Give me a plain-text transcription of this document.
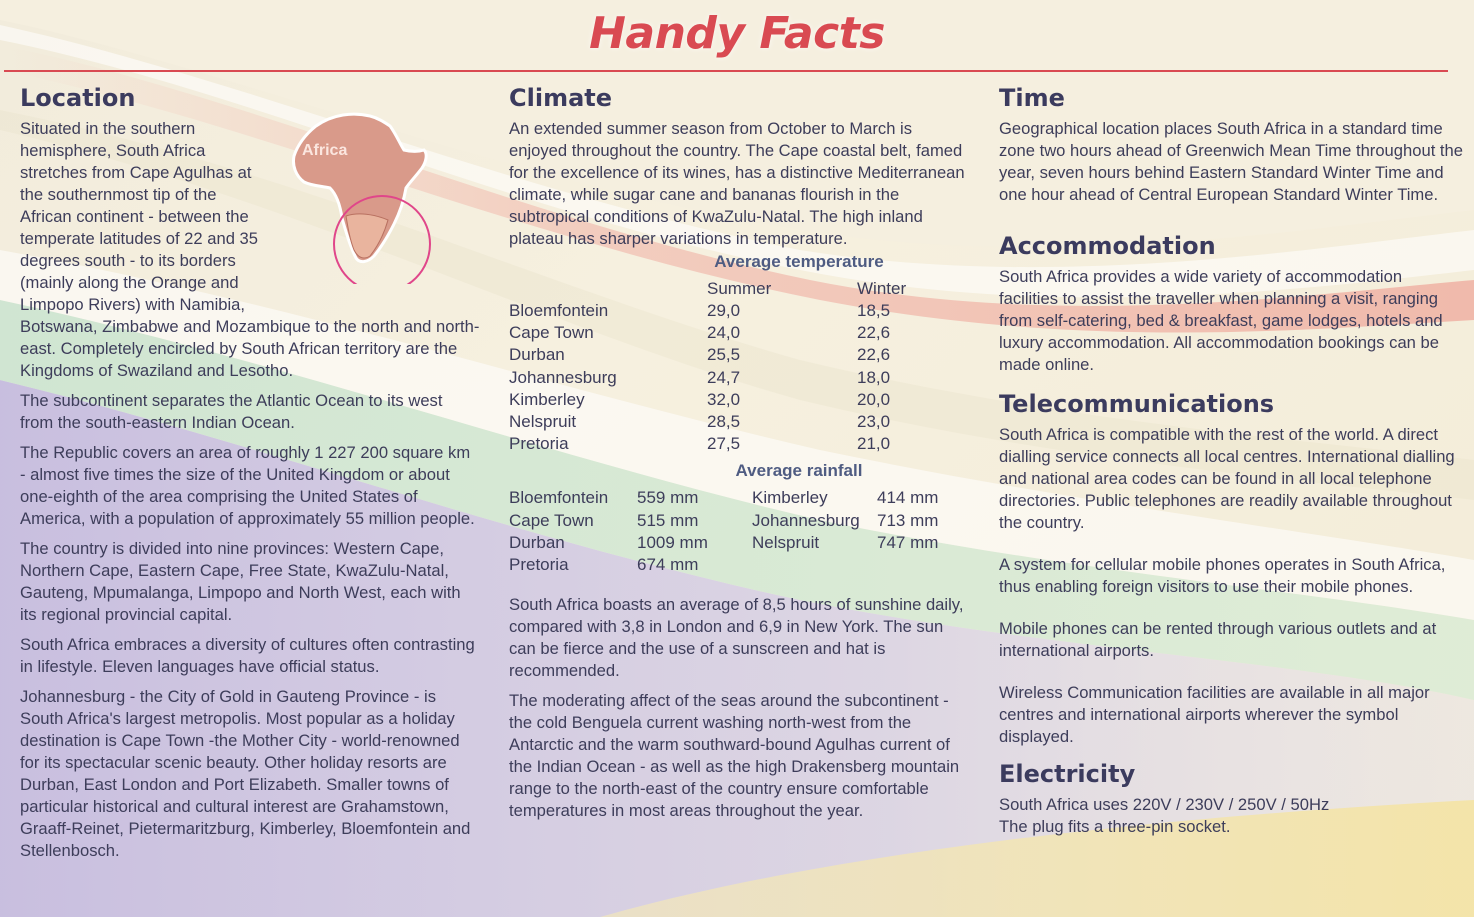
Handy Facts
Location

Situated in the southern hemisphere, South Africa stretches from Cape Agulhas at the southernmost tip of the African continent - between the temperate latitudes of 22 and 35 degrees south - to its borders (mainly along the Orange and Limpopo Rivers) with Namibia, Botswana, Zimbabwe and Mozambique to the north and north-east. Completely encircled by South African territory are the Kingdoms of Swaziland and Lesotho.

The subcontinent separates the Atlantic Ocean to its west from the south-eastern Indian Ocean.

The Republic covers an area of roughly 1 227 200 square km - almost five times the size of the United Kingdom or about one-eighth of the area comprising the United States of America, with a population of approximately 55 million people.

The country is divided into nine provinces: Western Cape, Northern Cape, Eastern Cape, Free State, KwaZulu-Natal, Gauteng, Mpumalanga, Limpopo and North West, each with its regional provincial capital.

South Africa embraces a diversity of cultures often contrasting in lifestyle. Eleven languages have official status.

Johannesburg - the City of Gold in Gauteng Province - is South Africa's largest metropolis. Most popular as a holiday destination is Cape Town -the Mother City - world-renowned for its spectacular scenic beauty. Other holiday resorts are Durban, East London and Port Elizabeth. Smaller towns of particular historical and cultural interest are Grahamstown, Graaff-Reinet, Pietermaritzburg, Kimberley, Bloemfontein and Stellenbosch.

Africa
Climate

An extended summer season from October to March is enjoyed throughout the country. The Cape coastal belt, famed for the excellence of its wines, has a distinctive Mediterranean climate, while sugar cane and bananas flourish in the subtropical conditions of KwaZulu-Natal. The high inland plateau has sharper variations in temperature.

Average temperature
	Summer	Winter
Bloemfontein	29,0	18,5
Cape Town	24,0	22,6
Durban	25,5	22,6
Johannesburg	24,7	18,0
Kimberley	32,0	20,0
Nelspruit	28,5	23,0
Pretoria	27,5	21,0
Average rainfall
Bloemfontein	559 mm	Kimberley	414 mm
Cape Town	515 mm	Johannesburg	713 mm
Durban	1009 mm	Nelspruit	747 mm
Pretoria	674 mm		

South Africa boasts an average of 8,5 hours of sunshine daily, compared with 3,8 in London and 6,9 in New York. The sun can be fierce and the use of a sunscreen and hat is recommended.

The moderating affect of the seas around the subcontinent - the cold Benguela current washing north-west from the Antarctic and the warm southward-bound Agulhas current of the Indian Ocean - as well as the high Drakensberg mountain range to the north-east of the country ensure comfortable temperatures in most areas throughout the year.

Time

Geographical location places South Africa in a standard time zone two hours ahead of Greenwich Mean Time throughout the year, seven hours behind Eastern Standard Winter Time and one hour ahead of Central European Standard Winter Time.

Accommodation

South Africa provides a wide variety of accommodation facilities to assist the traveller when planning a visit, ranging from self-catering, bed & breakfast, game lodges, hotels and luxury accommodation. All accommodation bookings can be made online.

Telecommunications

South Africa is compatible with the rest of the world. A direct dialling service connects all local centres. International dialling and national area codes can be found in all local telephone directories. Public telephones are readily available throughout the country.

A system for cellular mobile phones operates in South Africa, thus enabling foreign visitors to use their mobile phones.

Mobile phones can be rented through various outlets and at international airports.

Wireless Communication facilities are available in all major centres and international airports wherever the symbol displayed.

Electricity

South Africa uses 220V / 230V / 250V / 50Hz

The plug fits a three-pin socket.
